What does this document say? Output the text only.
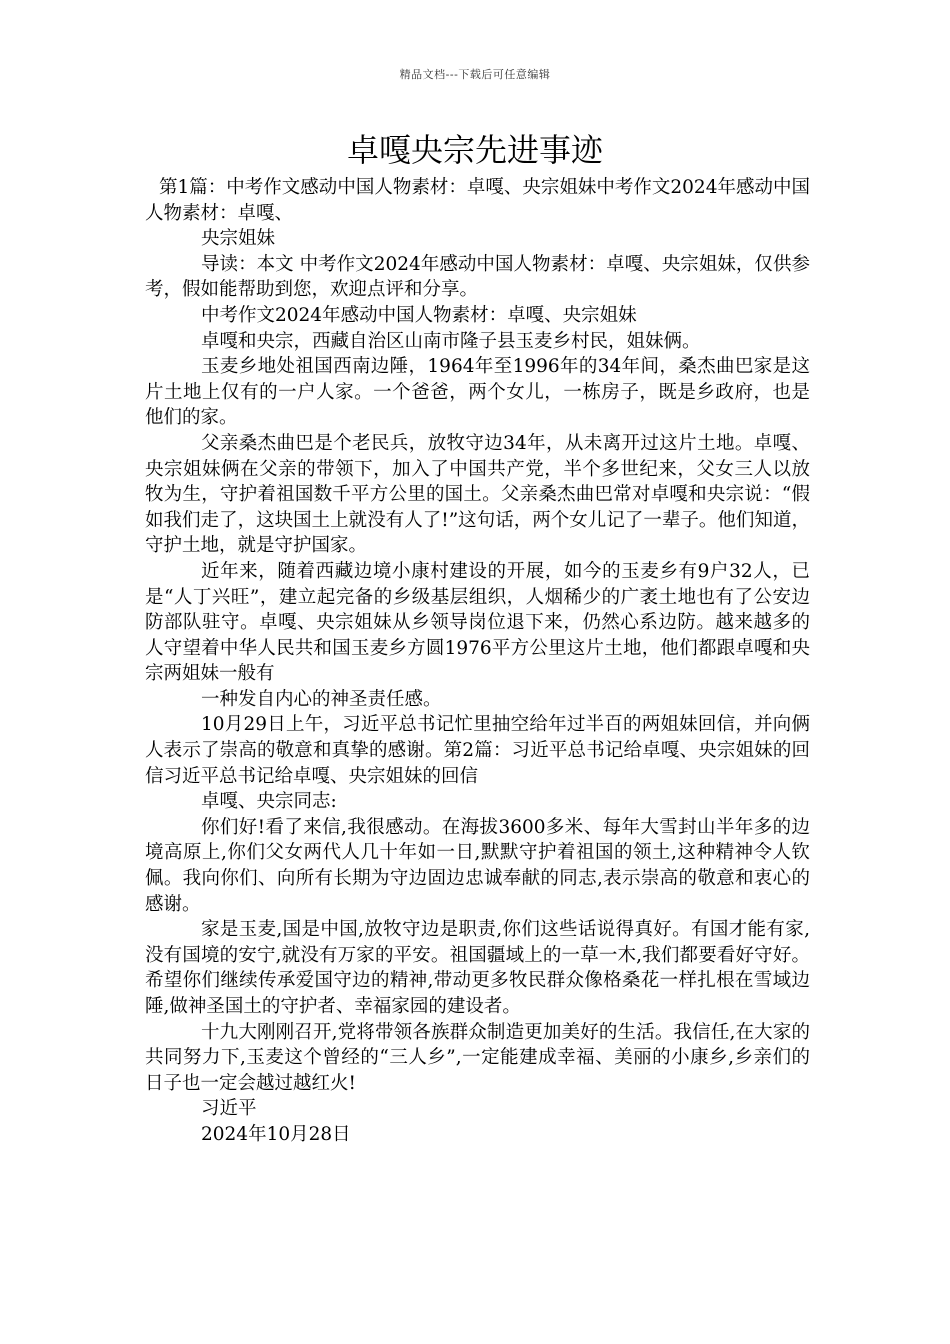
精品文档---下载后可任意编辑
卓嘎央宗先进事迹

第1篇：中考作文感动中国人物素材：卓嘎、央宗姐妹中考作文2024年感动中国人物素材：卓嘎、

央宗姐妹

导读：本文 中考作文2024年感动中国人物素材：卓嘎、央宗姐妹，仅供参考，假如能帮助到您，欢迎点评和分享。

中考作文2024年感动中国人物素材：卓嘎、央宗姐妹

卓嘎和央宗，西藏自治区山南市隆子县玉麦乡村民，姐妹俩。

玉麦乡地处祖国西南边陲，1964年至1996年的34年间，桑杰曲巴家是这片土地上仅有的一户人家。一个爸爸，两个女儿，一栋房子，既是乡政府，也是他们的家。

父亲桑杰曲巴是个老民兵，放牧守边34年，从未离开过这片土地。卓嘎、央宗姐妹俩在父亲的带领下，加入了中国共产党，半个多世纪来，父女三人以放牧为生，守护着祖国数千平方公里的国土。父亲桑杰曲巴常对卓嘎和央宗说：“假如我们走了，这块国土上就没有人了!”这句话，两个女儿记了一辈子。他们知道，守护土地，就是守护国家。

近年来，随着西藏边境小康村建设的开展，如今的玉麦乡有9户32人，已是“人丁兴旺”，建立起完备的乡级基层组织，人烟稀少的广袤土地也有了公安边防部队驻守。卓嘎、央宗姐妹从乡领导岗位退下来，仍然心系边防。越来越多的人守望着中华人民共和国玉麦乡方圆1976平方公里这片土地，他们都跟卓嘎和央宗两姐妹一般有

一种发自内心的神圣责任感。

10月29日上午，习近平总书记忙里抽空给年过半百的两姐妹回信，并向俩人表示了崇高的敬意和真挚的感谢。第2篇：习近平总书记给卓嘎、央宗姐妹的回信习近平总书记给卓嘎、央宗姐妹的回信

卓嘎、央宗同志:

你们好!看了来信,我很感动。在海拔3600多米、每年大雪封山半年多的边境高原上,你们父女两代人几十年如一日,默默守护着祖国的领土,这种精神令人钦佩。我向你们、向所有长期为守边固边忠诚奉献的同志,表示崇高的敬意和衷心的感谢。

家是玉麦,国是中国,放牧守边是职责,你们这些话说得真好。有国才能有家,没有国境的安宁,就没有万家的平安。祖国疆域上的一草一木,我们都要看好守好。希望你们继续传承爱国守边的精神,带动更多牧民群众像格桑花一样扎根在雪域边陲,做神圣国土的守护者、幸福家园的建设者。

十九大刚刚召开,党将带领各族群众制造更加美好的生活。我信任,在大家的共同努力下,玉麦这个曾经的“三人乡”,一定能建成幸福、美丽的小康乡,乡亲们的日子也一定会越过越红火!

习近平

2024年10月28日
